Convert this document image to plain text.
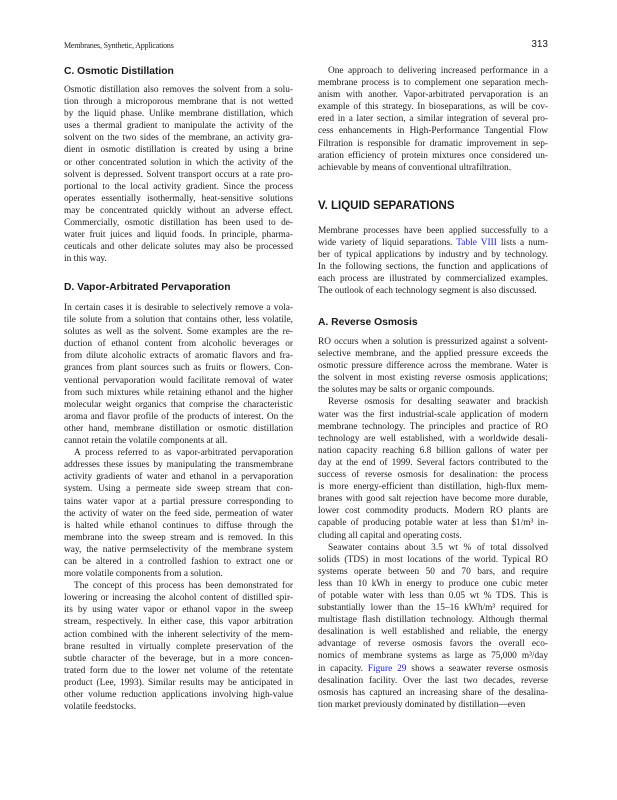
Membranes, Synthetic, Applications	313
C. Osmotic Distillation
Osmotic distillation also removes the solvent from a solu-
tion through a microporous membrane that is not wetted
by the liquid phase. Unlike membrane distillation, which
uses a thermal gradient to manipulate the activity of the
solvent on the two sides of the membrane, an activity gra-
dient in osmotic distillation is created by using a brine
or other concentrated solution in which the activity of the
solvent is depressed. Solvent transport occurs at a rate pro-
portional to the local activity gradient. Since the process
operates essentially isothermally, heat-sensitive solutions
may be concentrated quickly without an adverse effect.
Commercially, osmotic distillation has been used to de-
water fruit juices and liquid foods. In principle, pharma-
ceuticals and other delicate solutes may also be processed
in this way.
D. Vapor-Arbitrated Pervaporation
In certain cases it is desirable to selectively remove a vola-
tile solute from a solution that contains other, less volatile,
solutes as well as the solvent. Some examples are the re-
duction of ethanol content from alcoholic beverages or
from dilute alcoholic extracts of aromatic flavors and fra-
grances from plant sources such as fruits or flowers. Con-
ventional pervaporation would facilitate removal of water
from such mixtures while retaining ethanol and the higher
molecular weight organics that comprise the characteristic
aroma and flavor profile of the products of interest. On the
other hand, membrane distillation or osmotic distillation
cannot retain the volatile components at all.
A process referred to as vapor-arbitrated pervaporation
addresses these issues by manipulating the transmembrane
activity gradients of water and ethanol in a pervaporation
system. Using a permeate side sweep stream that con-
tains water vapor at a partial pressure corresponding to
the activity of water on the feed side, permeation of water
is halted while ethanol continues to diffuse through the
membrane into the sweep stream and is removed. In this
way, the native permselectivity of the membrane system
can be altered in a controlled fashion to extract one or
more volatile components from a solution.
The concept of this process has been demonstrated for
lowering or increasing the alcohol content of distilled spir-
its by using water vapor or ethanol vapor in the sweep
stream, respectively. In either case, this vapor arbitration
action combined with the inherent selectivity of the mem-
brane resulted in virtually complete preservation of the
subtle character of the beverage, but in a more concen-
trated form due to the lower net volume of the retentate
product (Lee, 1993). Similar results may be anticipated in
other volume reduction applications involving high-value
volatile feedstocks.
One approach to delivering increased performance in a
membrane process is to complement one separation mech-
anism with another. Vapor-arbitrated pervaporation is an
example of this strategy. In bioseparations, as will be cov-
ered in a later section, a similar integration of several pro-
cess enhancements in High-Performance Tangential Flow
Filtration is responsible for dramatic improvement in sep-
aration efficiency of protein mixtures once considered un-
achievable by means of conventional ultrafiltration.
V. LIQUID SEPARATIONS
Membrane processes have been applied successfully to a
wide variety of liquid separations. Table VIII lists a num-
ber of typical applications by industry and by technology.
In the following sections, the function and applications of
each process are illustrated by commercialized examples.
The outlook of each technology segment is also discussed.
A. Reverse Osmosis
RO occurs when a solution is pressurized against a solvent-
selective membrane, and the applied pressure exceeds the
osmotic pressure difference across the membrane. Water is
the solvent in most existing reverse osmosis applications;
the solutes may be salts or organic compounds.
Reverse osmosis for desalting seawater and brackish
water was the first industrial-scale application of modern
membrane technology. The principles and practice of RO
technology are well established, with a worldwide desali-
nation capacity reaching 6.8 billion gallons of water per
day at the end of 1999. Several factors contributed to the
success of reverse osmosis for desalination: the process
is more energy-efficient than distillation, high-flux mem-
branes with good salt rejection have become more durable,
lower cost commodity products. Modern RO plants are
capable of producing potable water at less than $1/m³ in-
cluding all capital and operating costs.
Seawater contains about 3.5 wt % of total dissolved
solids (TDS) in most locations of the world. Typical RO
systems operate between 50 and 70 bars, and require
less than 10 kWh in energy to produce one cubic meter
of potable water with less than 0.05 wt % TDS. This is
substantially lower than the 15–16 kWh/m³ required for
multistage flash distillation technology. Although thermal
desalination is well established and reliable, the energy
advantage of reverse osmosis favors the overall eco-
nomics of membrane systems as large as 75,000 m³/day
in capacity. Figure 29 shows a seawater reverse osmosis
desalination facility. Over the last two decades, reverse
osmosis has captured an increasing share of the desalina-
tion market previously dominated by distillation—even
